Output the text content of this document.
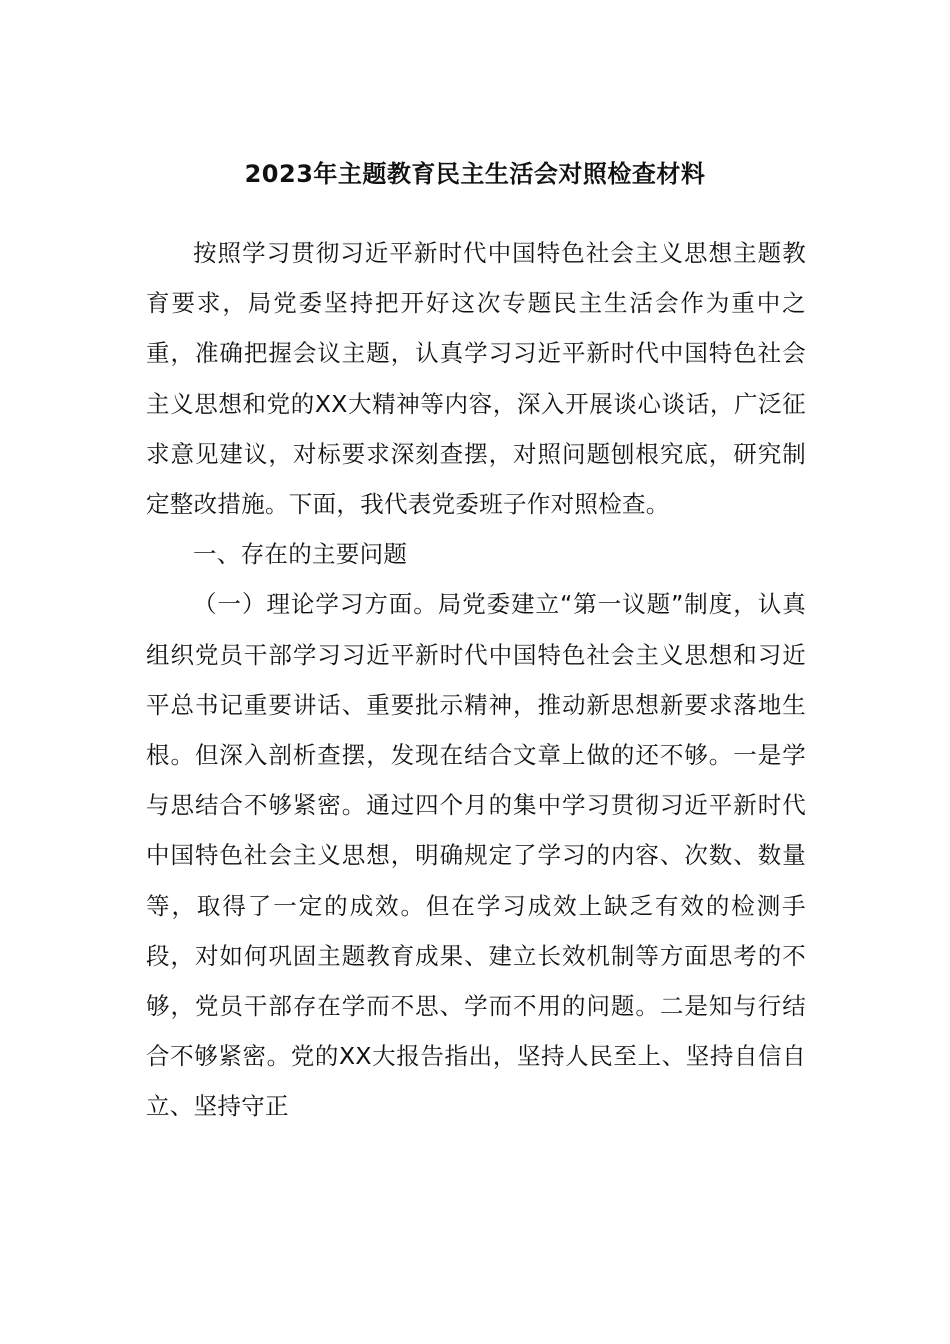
2023年主题教育民主生活会对照检查材料

按照学习贯彻习近平新时代中国特色社会主义思想主题教育要求，局党委坚持把开好这次专题民主生活会作为重中之重，准确把握会议主题，认真学习习近平新时代中国特色社会主义思想和党的XX大精神等内容，深入开展谈心谈话，广泛征求意见建议，对标要求深刻查摆，对照问题刨根究底，研究制定整改措施。下面，我代表党委班子作对照检查。

一、存在的主要问题

（一）理论学习方面。局党委建立“第一议题”制度，认真组织党员干部学习习近平新时代中国特色社会主义思想和习近平总书记重要讲话、重要批示精神，推动新思想新要求落地生根。但深入剖析查摆，发现在结合文章上做的还不够。一是学与思结合不够紧密。通过四个月的集中学习贯彻习近平新时代中国特色社会主义思想，明确规定了学习的内容、次数、数量等，取得了一定的成效。但在学习成效上缺乏有效的检测手段，对如何巩固主题教育成果、建立长效机制等方面思考的不够，党员干部存在学而不思、学而不用的问题。二是知与行结合不够紧密。党的XX大报告指出，坚持人民至上、坚持自信自立、坚持守正
